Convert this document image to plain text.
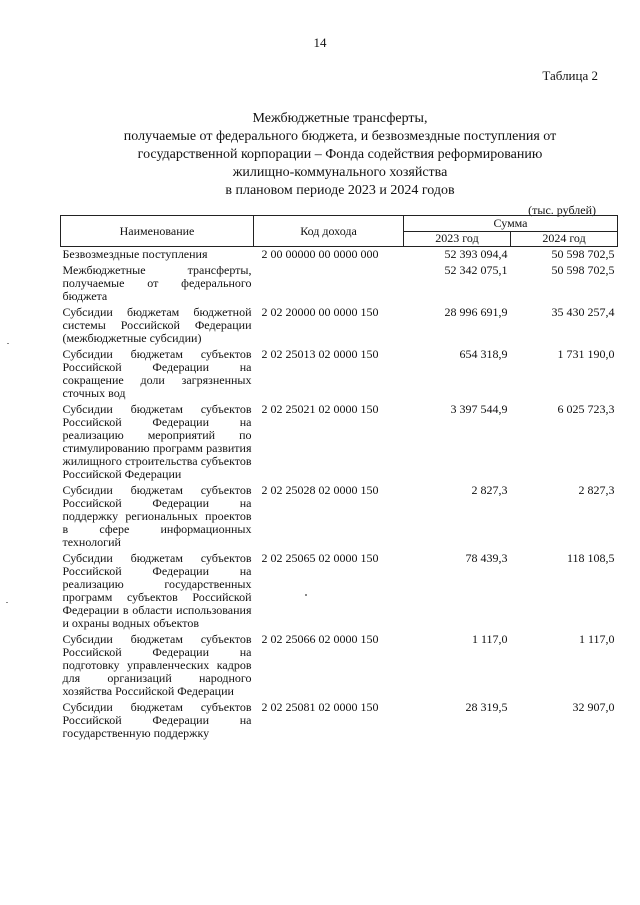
14
Таблица 2
Межбюджетные трансферты,
получаемые от федерального бюджета, и безвозмездные поступления от
государственной корпорации – Фонда содействия реформированию
жилищно-коммунального хозяйства
в плановом периоде 2023 и 2024 годов
(тыс. рублей)
Наименование	Код дохода	Сумма	
		2023 год	2024 год
Безвозмездные поступления	2 00 00000 00 0000 000	52 393 094,4	50 598 702,5
Межбюджетные трансферты, получаемые от федерального бюджета		52 342 075,1	50 598 702,5
Субсидии бюджетам бюджетной системы Российской Федерации (межбюджетные субсидии)	2 02 20000 00 0000 150	28 996 691,9	35 430 257,4
Субсидии бюджетам субъектов Российской Федерации на сокращение доли загрязненных сточных вод	2 02 25013 02 0000 150	654 318,9	1 731 190,0
Субсидии бюджетам субъектов Российской Федерации на реализацию мероприятий по стимулированию программ развития жилищного строительства субъектов Российской Федерации	2 02 25021 02 0000 150	3 397 544,9	6 025 723,3
Субсидии бюджетам субъектов Российской Федерации на поддержку региональных проектов в сфере информационных технологий	2 02 25028 02 0000 150	2 827,3	2 827,3
Субсидии бюджетам субъектов Российской Федерации на реализацию государственных программ субъектов Российской Федерации в области использования и охраны водных объектов	2 02 25065 02 0000 150	78 439,3	118 108,5
Субсидии бюджетам субъектов Российской Федерации на подготовку управленческих кадров для организаций народного хозяйства Российской Федерации	2 02 25066 02 0000 150	1 117,0	1 117,0
Субсидии бюджетам субъектов Российской Федерации на государственную поддержку	2 02 25081 02 0000 150	28 319,5	32 907,0
